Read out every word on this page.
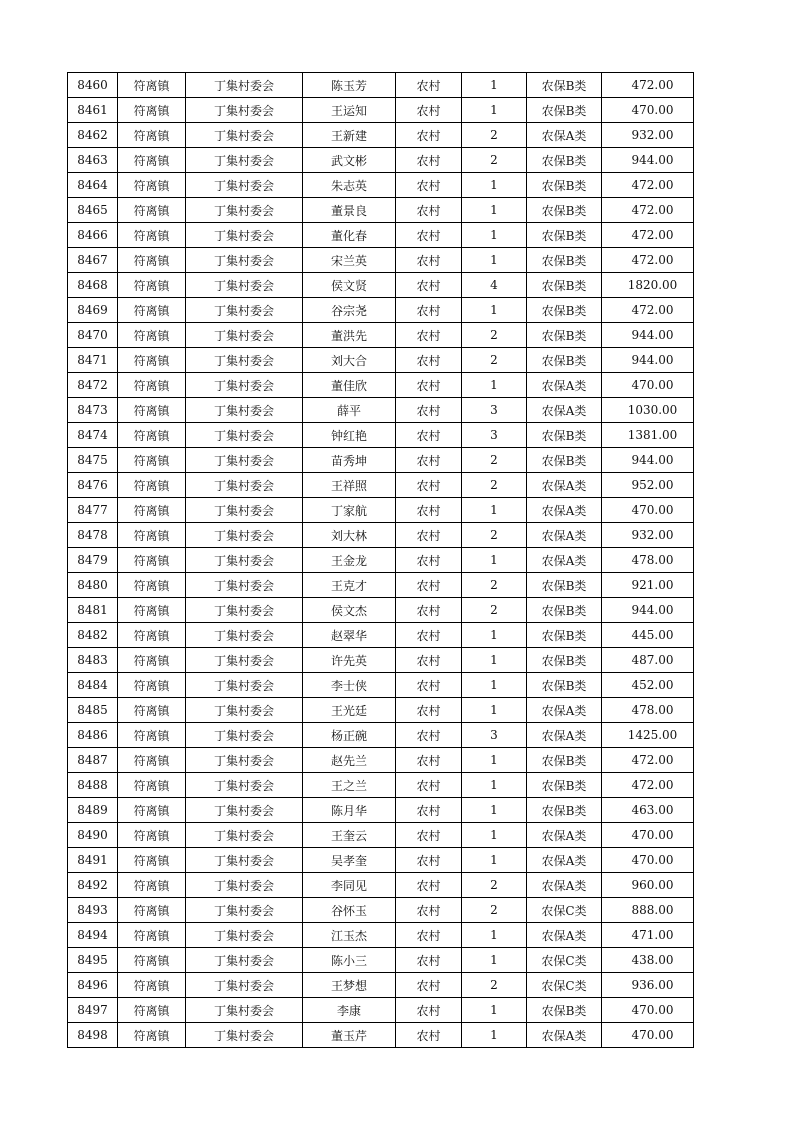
8460	符离镇	丁集村委会	陈玉芳	农村	1	农保B类	472.00
8461	符离镇	丁集村委会	王运知	农村	1	农保B类	470.00
8462	符离镇	丁集村委会	王新建	农村	2	农保A类	932.00
8463	符离镇	丁集村委会	武文彬	农村	2	农保B类	944.00
8464	符离镇	丁集村委会	朱志英	农村	1	农保B类	472.00
8465	符离镇	丁集村委会	董景良	农村	1	农保B类	472.00
8466	符离镇	丁集村委会	董化春	农村	1	农保B类	472.00
8467	符离镇	丁集村委会	宋兰英	农村	1	农保B类	472.00
8468	符离镇	丁集村委会	侯文贤	农村	4	农保B类	1820.00
8469	符离镇	丁集村委会	谷宗尧	农村	1	农保B类	472.00
8470	符离镇	丁集村委会	董洪先	农村	2	农保B类	944.00
8471	符离镇	丁集村委会	刘大合	农村	2	农保B类	944.00
8472	符离镇	丁集村委会	董佳欣	农村	1	农保A类	470.00
8473	符离镇	丁集村委会	薛平	农村	3	农保A类	1030.00
8474	符离镇	丁集村委会	钟红艳	农村	3	农保B类	1381.00
8475	符离镇	丁集村委会	苗秀坤	农村	2	农保B类	944.00
8476	符离镇	丁集村委会	王祥照	农村	2	农保A类	952.00
8477	符离镇	丁集村委会	丁家航	农村	1	农保A类	470.00
8478	符离镇	丁集村委会	刘大林	农村	2	农保A类	932.00
8479	符离镇	丁集村委会	王金龙	农村	1	农保A类	478.00
8480	符离镇	丁集村委会	王克才	农村	2	农保B类	921.00
8481	符离镇	丁集村委会	侯文杰	农村	2	农保B类	944.00
8482	符离镇	丁集村委会	赵翠华	农村	1	农保B类	445.00
8483	符离镇	丁集村委会	许先英	农村	1	农保B类	487.00
8484	符离镇	丁集村委会	李士侠	农村	1	农保B类	452.00
8485	符离镇	丁集村委会	王光廷	农村	1	农保A类	478.00
8486	符离镇	丁集村委会	杨正碗	农村	3	农保A类	1425.00
8487	符离镇	丁集村委会	赵先兰	农村	1	农保B类	472.00
8488	符离镇	丁集村委会	王之兰	农村	1	农保B类	472.00
8489	符离镇	丁集村委会	陈月华	农村	1	农保B类	463.00
8490	符离镇	丁集村委会	王奎云	农村	1	农保A类	470.00
8491	符离镇	丁集村委会	吴孝奎	农村	1	农保A类	470.00
8492	符离镇	丁集村委会	李同见	农村	2	农保A类	960.00
8493	符离镇	丁集村委会	谷怀玉	农村	2	农保C类	888.00
8494	符离镇	丁集村委会	江玉杰	农村	1	农保A类	471.00
8495	符离镇	丁集村委会	陈小三	农村	1	农保C类	438.00
8496	符离镇	丁集村委会	王梦想	农村	2	农保C类	936.00
8497	符离镇	丁集村委会	李康	农村	1	农保B类	470.00
8498	符离镇	丁集村委会	董玉芹	农村	1	农保A类	470.00
